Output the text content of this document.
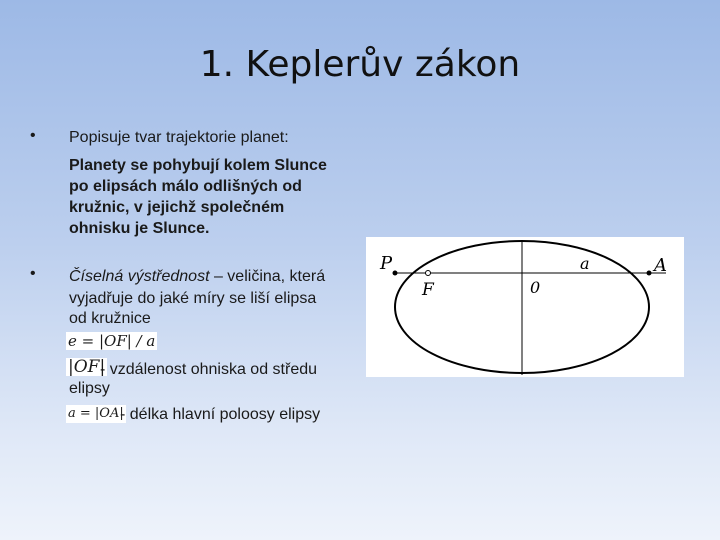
1. Keplerův zákon
• Popisuje tvar trajektorie planet:
Planety se pohybují kolem Slunce
po elipsách málo odlišných od
kružnic, v jejichž společném
ohnisku je Slunce.
• Číselná výstřednost – veličina, která
vyjadřuje do jaké míry se liší elipsa
od kružnice
e = |OF| / a
|OF|
- vzdálenost ohniska od středu
elipsy
a = |OA|
- délka hlavní poloosy elipsy
P	A
a
F	0
